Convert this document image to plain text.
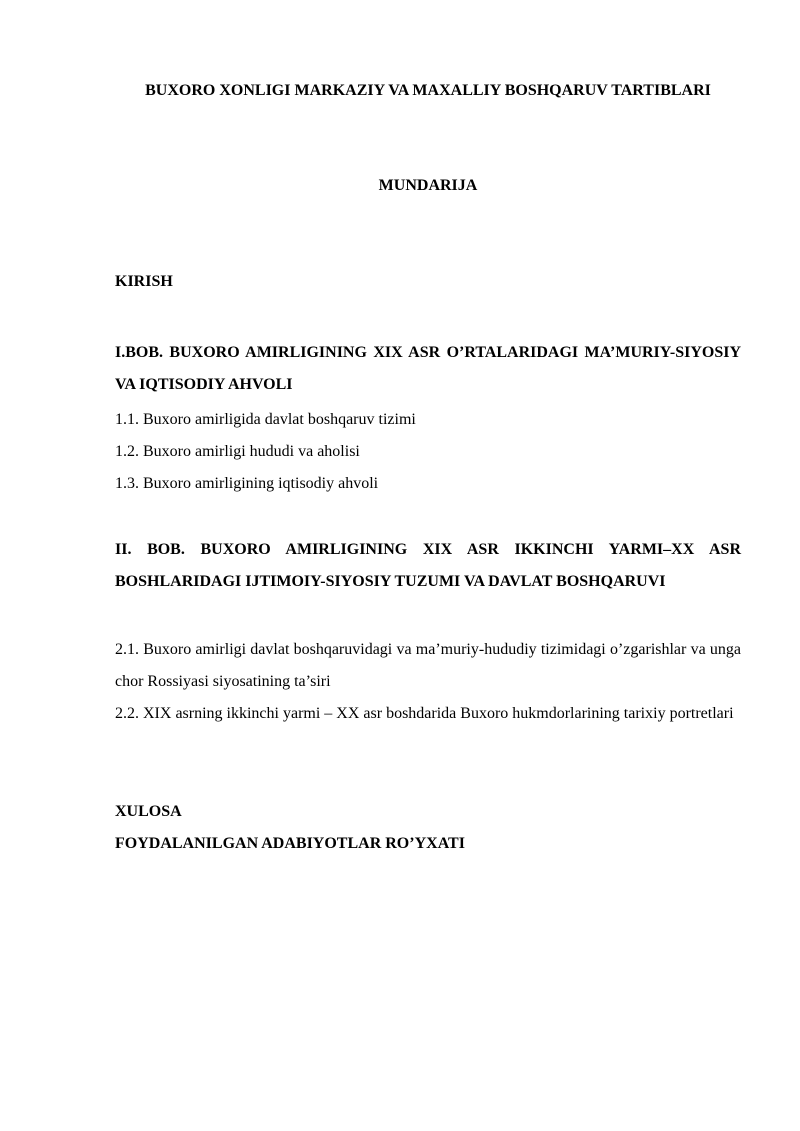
BUXORO XONLIGI MARKAZIY VA MAXALLIY BOSHQARUV TARTIBLARI
MUNDARIJA
KIRISH
I.BOB. BUXORO AMIRLIGINING XIX ASR O’RTALARIDAGI MA’MURIY-SIYOSIY VA IQTISODIY AHVOLI
1.1. Buxoro amirligida davlat boshqaruv tizimi
1.2. Buxoro amirligi hududi va aholisi
1.3. Buxoro amirligining iqtisodiy ahvoli
II. BOB. BUXORO AMIRLIGINING XIX ASR IKKINCHI YARMI–XX ASR BOSHLARIDAGI IJTIMOIY-SIYOSIY TUZUMI VA DAVLAT BOSHQARUVI
2.1. Buxoro amirligi davlat boshqaruvidagi va ma’muriy-hududiy tizimidagi o’zgarishlar va unga chor Rossiyasi siyosatining ta’siri
2.2. XIX asrning ikkinchi yarmi – XX asr boshdarida Buxoro hukmdorlarining tarixiy portretlari
XULOSA
FOYDALANILGAN ADABIYOTLAR RO’YXATI
